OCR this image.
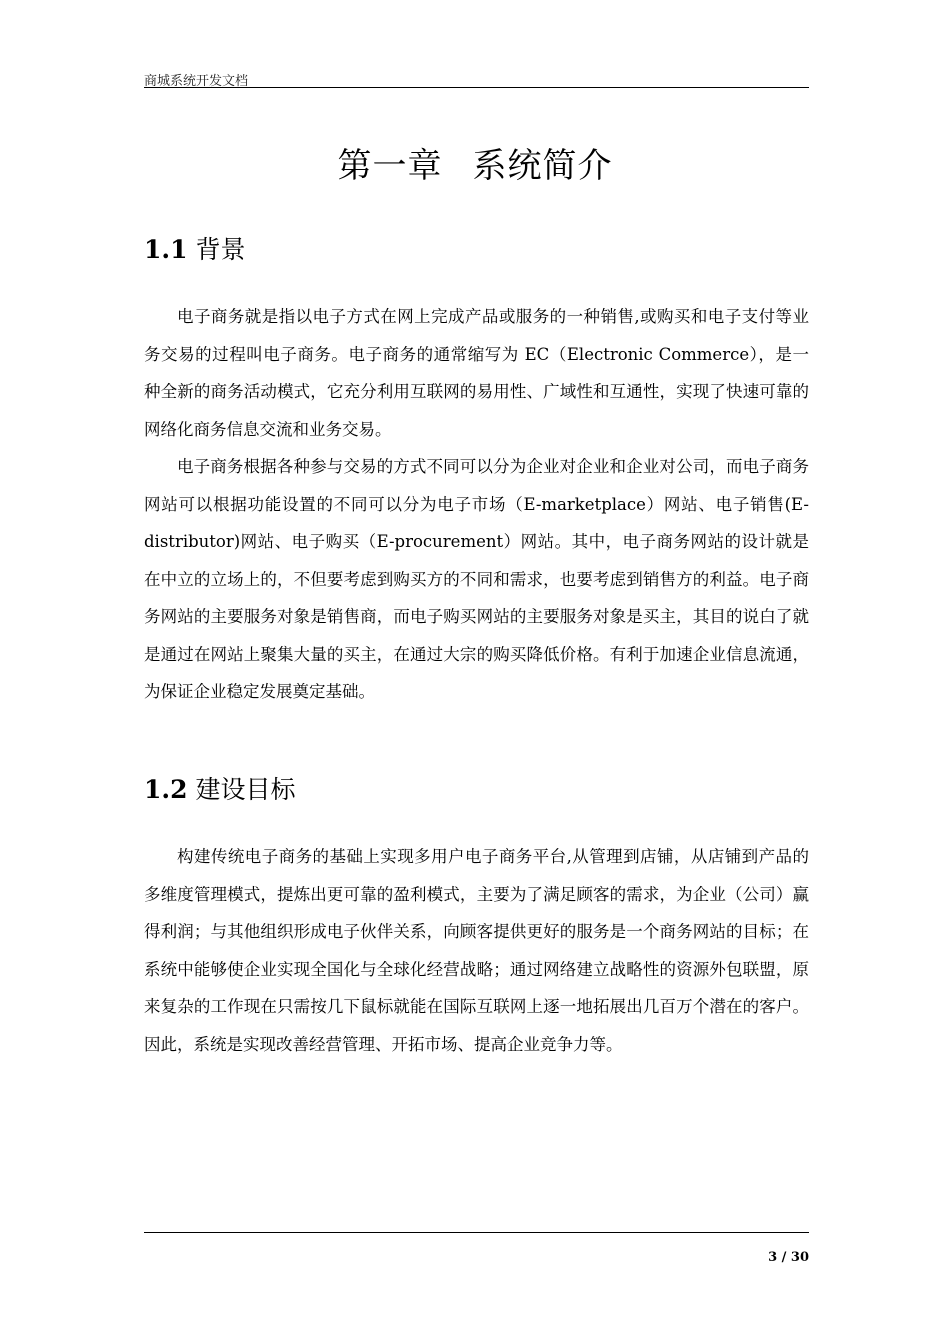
商城系统开发文档
第一章 系统简介
1.1 背景

电子商务就是指以电子方式在网上完成产品或服务的一种销售,或购买和电子支付等业务交易的过程叫电子商务。电子商务的通常缩写为 EC（Electronic Commerce），是一种全新的商务活动模式，它充分利用互联网的易用性、广域性和互通性，实现了快速可靠的网络化商务信息交流和业务交易。

电子商务根据各种参与交易的方式不同可以分为企业对企业和企业对公司，而电子商务网站可以根据功能设置的不同可以分为电子市场（E-marketplace）网站、电子销售(E-distributor)网站、电子购买（E-procurement）网站。其中，电子商务网站的设计就是在中立的立场上的，不但要考虑到购买方的不同和需求，也要考虑到销售方的利益。电子商务网站的主要服务对象是销售商，而电子购买网站的主要服务对象是买主，其目的说白了就是通过在网站上聚集大量的买主，在通过大宗的购买降低价格。有利于加速企业信息流通，为保证企业稳定发展奠定基础。

1.2 建设目标

构建传统电子商务的基础上实现多用户电子商务平台,从管理到店铺，从店铺到产品的多维度管理模式，提炼出更可靠的盈利模式，主要为了满足顾客的需求，为企业（公司）赢得利润；与其他组织形成电子伙伴关系，向顾客提供更好的服务是一个商务网站的目标；在系统中能够使企业实现全国化与全球化经营战略；通过网络建立战略性的资源外包联盟，原来复杂的工作现在只需按几下鼠标就能在国际互联网上逐一地拓展出几百万个潜在的客户。因此，系统是实现改善经营管理、开拓市场、提高企业竞争力等。

3 / 30
